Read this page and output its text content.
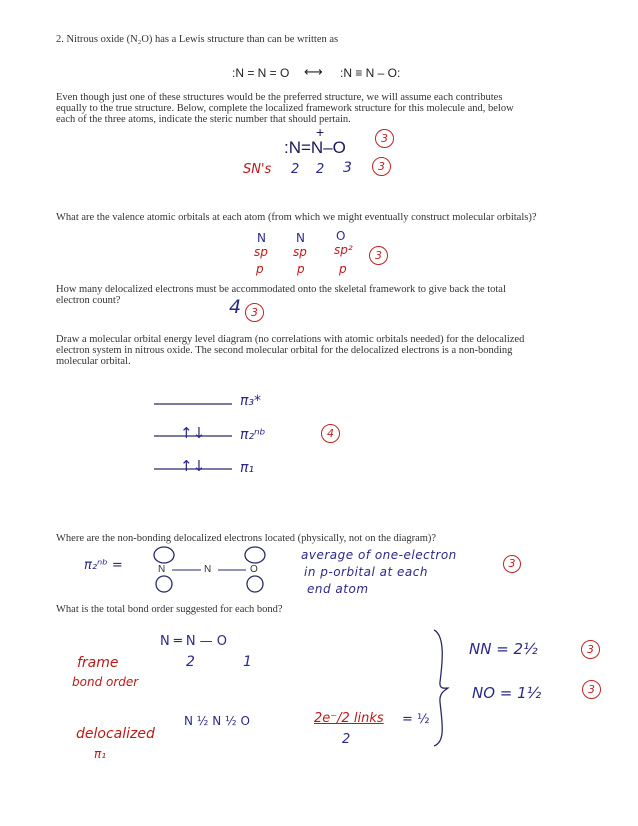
2. Nitrous oxide (N₂O) has a Lewis structure than can be written as
:N = N = O ⟷ :N ≡ N – O:
Even though just one of these structures would be the preferred structure, we will assume each contributes
equally to the true structure. Below, complete the localized framework structure for this molecule and, below
each of the three atoms, indicate the steric number that should pertain.
+
:N=N–O	3
SN's 2 2 3	3
What are the valence atomic orbitals at each atom (from which we might eventually construct molecular orbitals)?
N	N	O
sp sp sp²	3
p	p	p
How many delocalized electrons must be accommodated onto the skeletal framework to give back the total
electron count?	4 3
Draw a molecular orbital energy level diagram (no correlations with atomic orbitals needed) for the delocalized
electron system in nitrous oxide. The second molecular orbital for the delocalized electrons is a non-bonding
molecular orbital.
↑↓
↑↓
π₃*
π₂ⁿᵇ
π₁
4
Where are the non-bonding delocalized electrons located (physically, not on the diagram)?
π₂ⁿᵇ =	N	N	O
average of one-electron
in p-orbital at each
end atom
3
What is the total bond order suggested for each bond?
N ═ N — O
2	1
frame
bond order
delocalized
π₁
N ½ N ½ O	2e⁻/2 links = ½
2
NN = 2½	3
NO = 1½	3
